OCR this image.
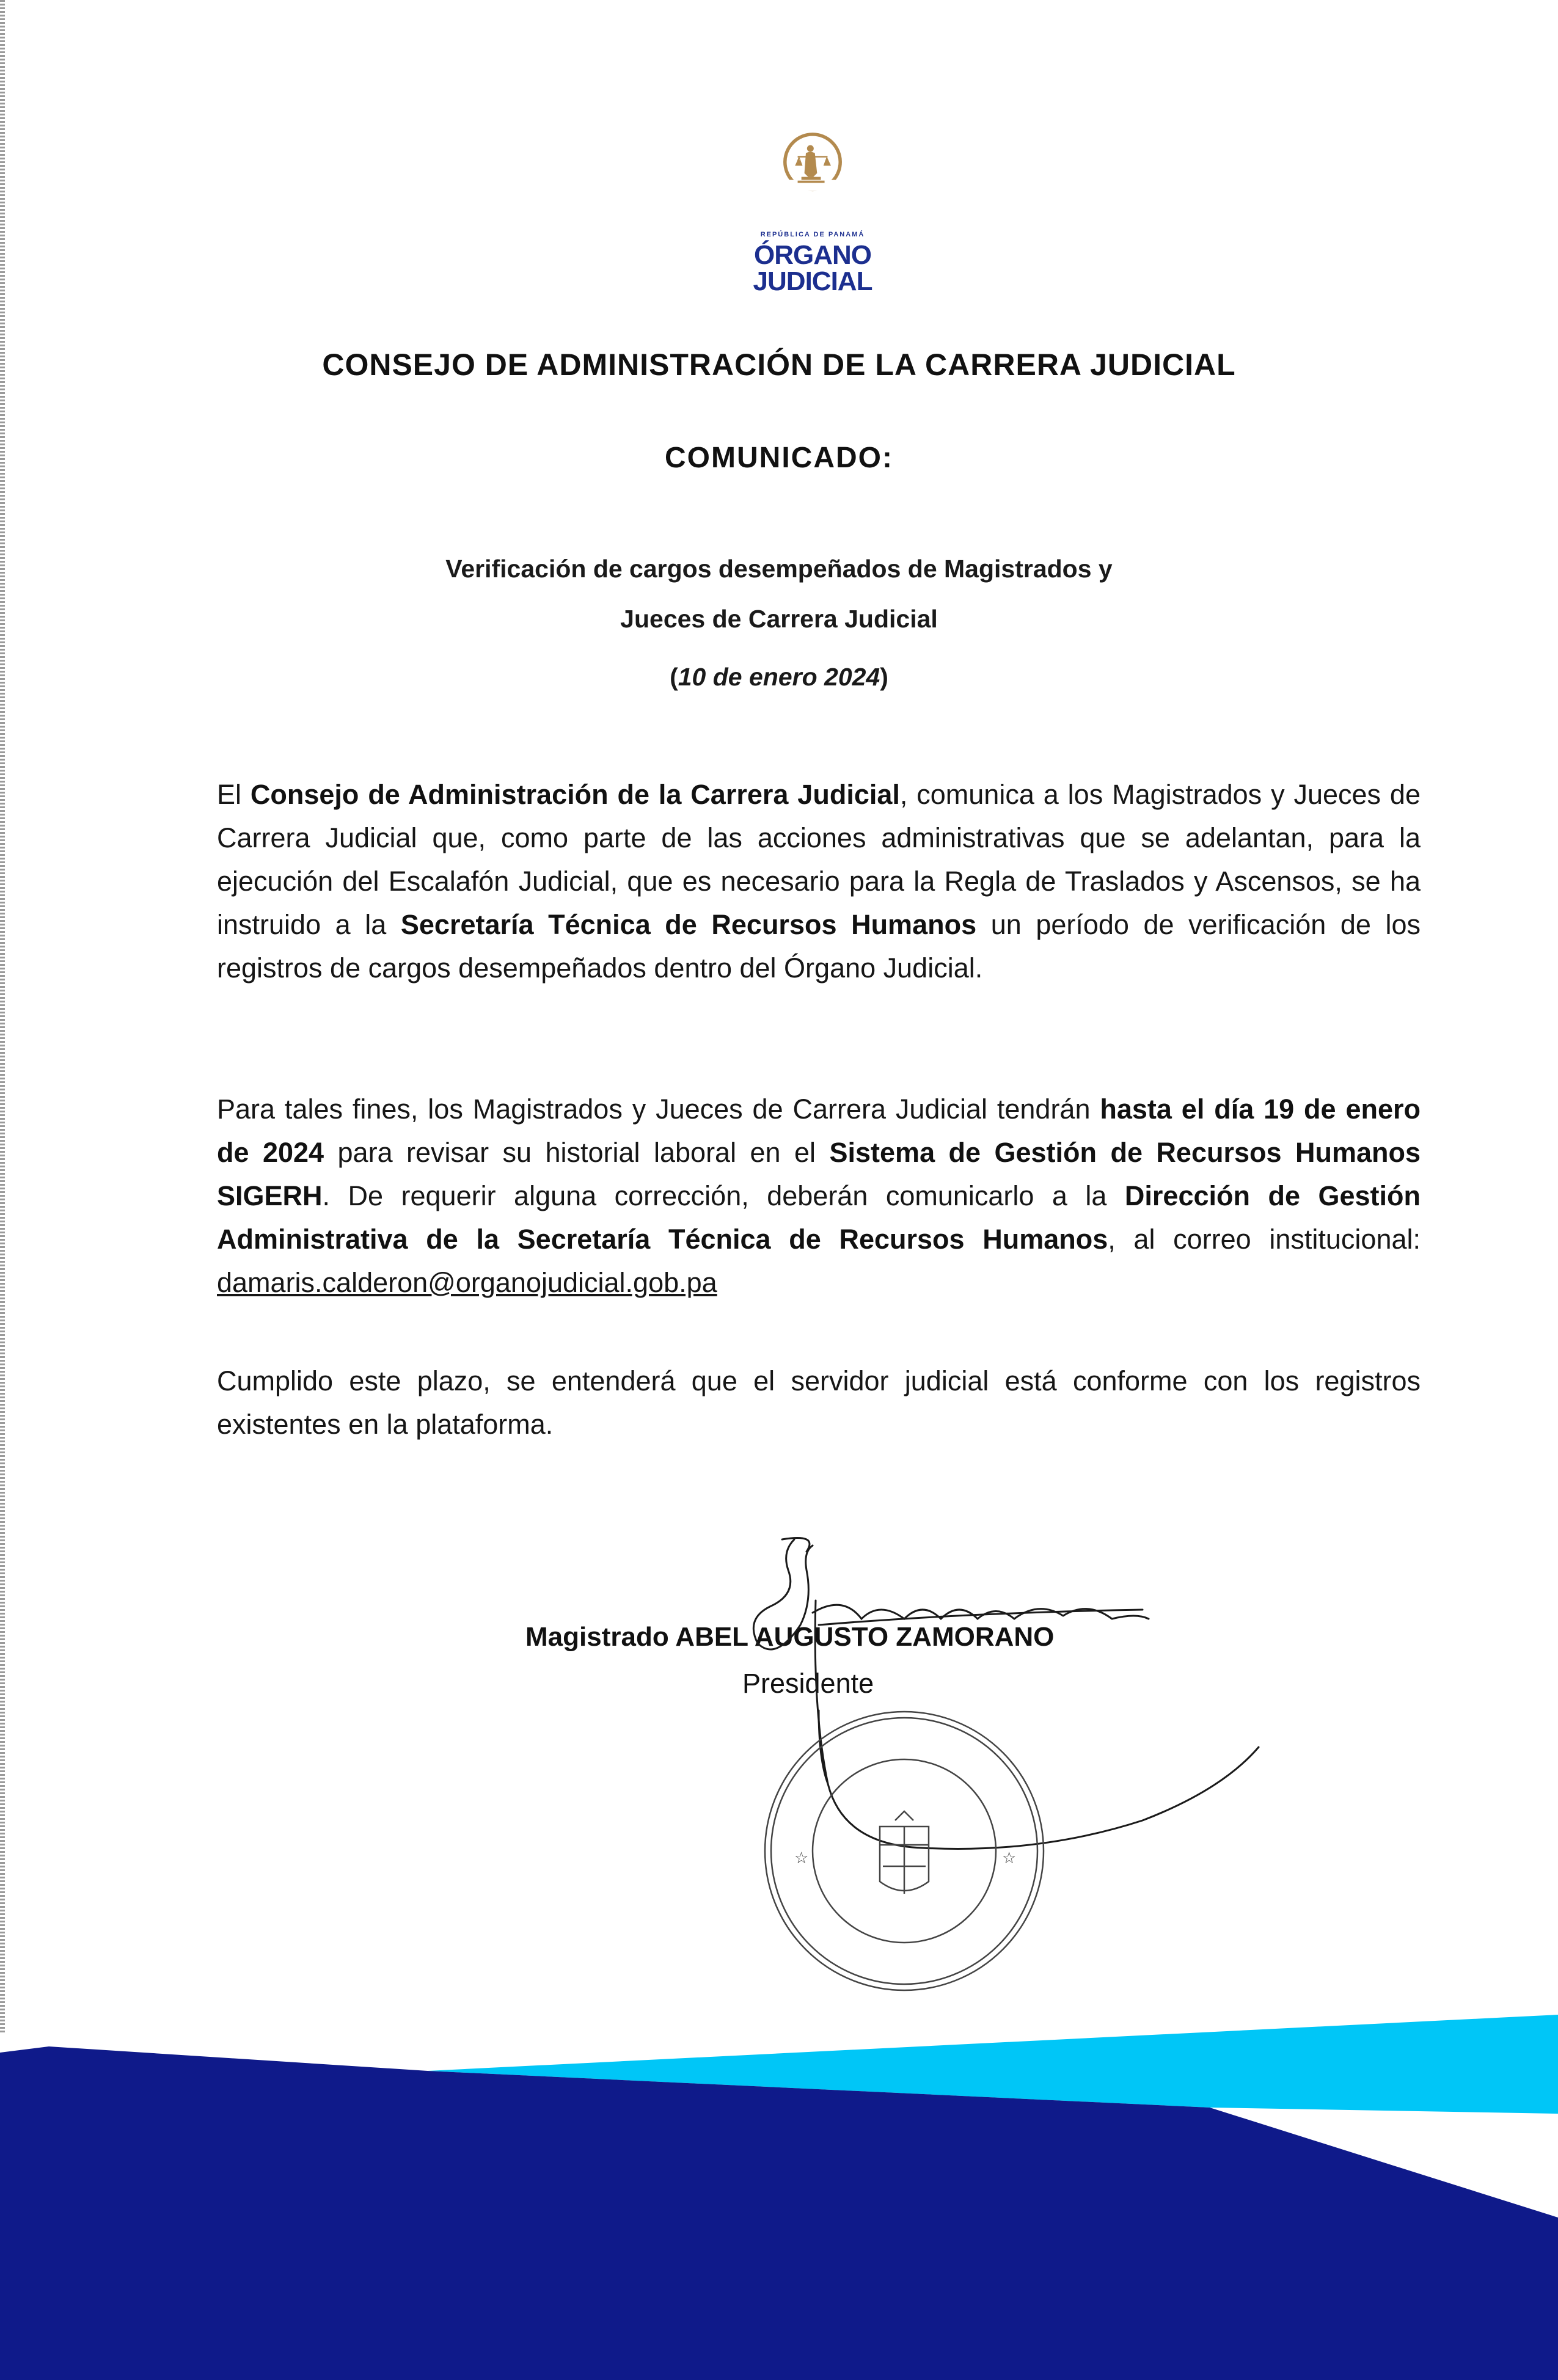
REPÚBLICA DE PANAMÁ
ÓRGANO
JUDICIAL
CONSEJO DE ADMINISTRACIÓN DE LA CARRERA JUDICIAL
COMUNICADO:
Verificación de cargos desempeñados de Magistrados y
Jueces de Carrera Judicial
(10 de enero 2024)
El Consejo de Administración de la Carrera Judicial, comunica a los Magistrados y Jueces de Carrera Judicial que, como parte de las acciones administrativas que se adelantan, para la ejecución del Escalafón Judicial, que es necesario para la Regla de Traslados y Ascensos, se ha instruido a la Secretaría Técnica de Recursos Humanos un período de verificación de los registros de cargos desempeñados dentro del Órgano Judicial.
Para tales fines, los Magistrados y Jueces de Carrera Judicial tendrán hasta el día 19 de enero de 2024 para revisar su historial laboral en el Sistema de Gestión de Recursos Humanos SIGERH. De requerir alguna corrección, deberán comunicarlo a la Dirección de Gestión Administrativa de la Secretaría Técnica de Recursos Humanos, al correo institucional: damaris.calderon@organojudicial.gob.pa
Cumplido este plazo, se entenderá que el servidor judicial está conforme con los registros existentes en la plataforma.
Magistrado ABEL AUGUSTO ZAMORANO
Presidente
☆	☆
